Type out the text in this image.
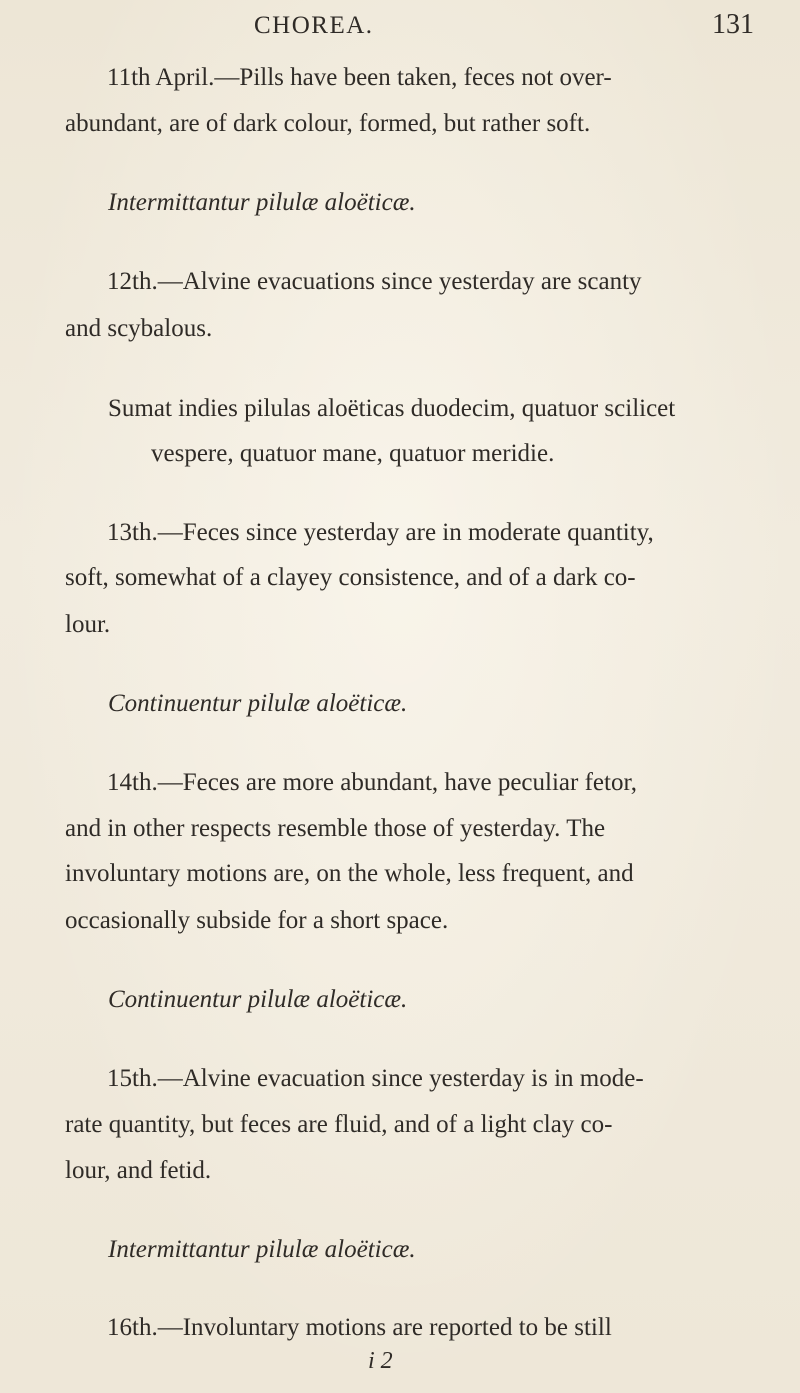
CHOREA.	131
11th April.—Pills have been taken, feces not over-
abundant, are of dark colour, formed, but rather soft.
Intermittantur pilulæ aloëticæ.
12th.—Alvine evacuations since yesterday are scanty
and scybalous.
Sumat indies pilulas aloëticas duodecim, quatuor scilicet
vespere, quatuor mane, quatuor meridie.
13th.—Feces since yesterday are in moderate quantity,
soft, somewhat of a clayey consistence, and of a dark co-
lour.
Continuentur pilulæ aloëticæ.
14th.—Feces are more abundant, have peculiar fetor,
and in other respects resemble those of yesterday. The
involuntary motions are, on the whole, less frequent, and
occasionally subside for a short space.
Continuentur pilulæ aloëticæ.
15th.—Alvine evacuation since yesterday is in mode-
rate quantity, but feces are fluid, and of a light clay co-
lour, and fetid.
Intermittantur pilulæ aloëticæ.
16th.—Involuntary motions are reported to be still
i 2
